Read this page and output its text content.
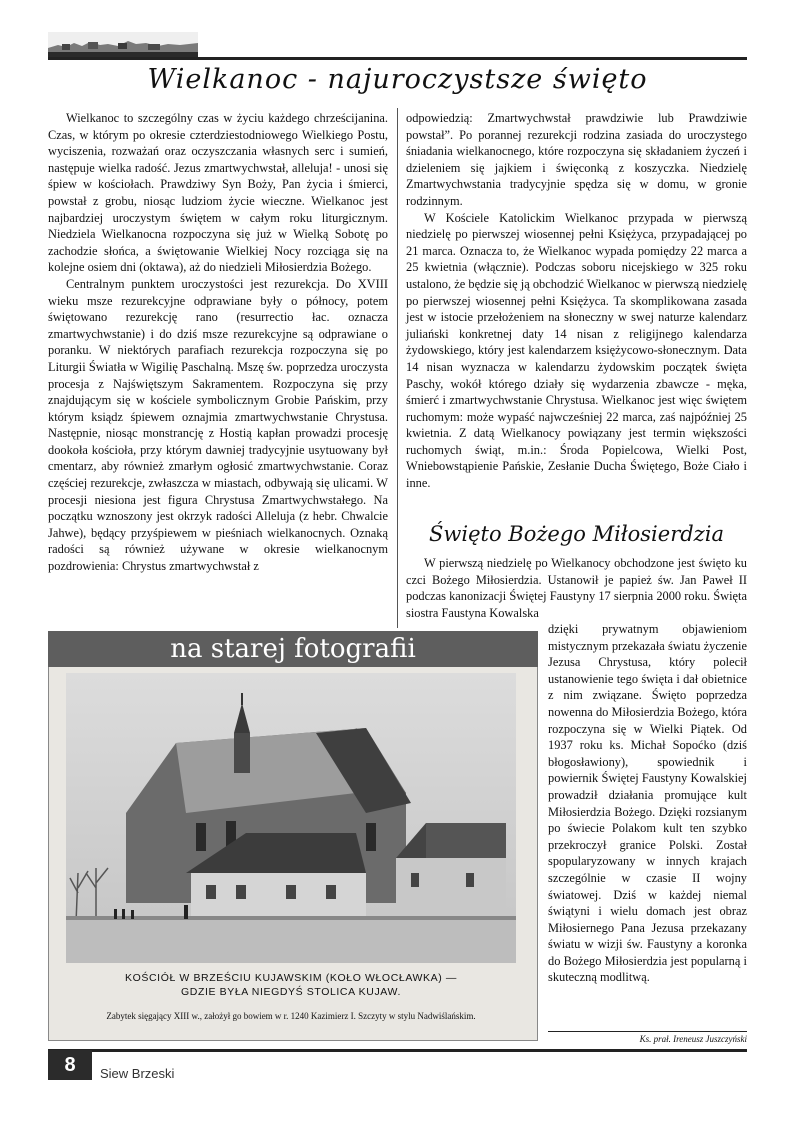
Wielkanoc - najuroczystsze święto

Wielkanoc to szczególny czas w życiu każdego chrześcijanina. Czas, w którym po okresie czterdziestodniowego Wielkiego Postu, wyciszenia, rozważań oraz oczyszczania własnych serc i sumień, następuje wielka radość. Jezus zmartwychwstał, alleluja! - unosi się śpiew w kościołach. Prawdziwy Syn Boży, Pan życia i śmierci, powstał z grobu, niosąc ludziom życie wieczne. Wielkanoc jest najbardziej uroczystym świętem w całym roku liturgicznym. Niedziela Wielkanocna rozpoczyna się już w Wielką Sobotę po zachodzie słońca, a świętowanie Wielkiej Nocy rozciąga się na kolejne osiem dni (oktawa), aż do niedzieli Miłosierdzia Bożego.

Centralnym punktem uroczystości jest rezurekcja. Do XVIII wieku msze rezurekcyjne odprawiane były o północy, potem świętowano rezurekcję rano (resurrectio łac. oznacza zmartwychwstanie) i do dziś msze rezurekcyjne są odprawiane o poranku. W niektórych parafiach rezurekcja rozpoczyna się po Liturgii Światła w Wigilię Paschalną. Mszę św. poprzedza uroczysta procesja z Najświętszym Sakramentem. Rozpoczyna się przy znajdującym się w kościele symbolicznym Grobie Pańskim, przy którym ksiądz śpiewem oznajmia zmartwychwstanie Chrystusa. Następnie, niosąc monstrancję z Hostią kapłan prowadzi procesję dookoła kościoła, przy którym dawniej tradycyjnie usytuowany był cmentarz, aby również zmarłym ogłosić zmartwychwstanie. Coraz częściej rezurekcje, zwłaszcza w miastach, odbywają się ulicami. W procesji niesiona jest figura Chrystusa Zmartwychwstałego. Na początku wznoszony jest okrzyk radości Alleluja (z hebr. Chwalcie Jahwe), będący przyśpiewem w pieśniach wielkanocnych. Oznaką radości są również używane w okresie wielkanocnym pozdrowienia: Chrystus zmartwychwstał z

odpowiedzią: Zmartwychwstał prawdziwie lub Prawdziwie powstał”. Po porannej rezurekcji rodzina zasiada do uroczystego śniadania wielkanocnego, które rozpoczyna się składaniem życzeń i dzieleniem się jajkiem i święconką z koszyczka. Niedzielę Zmartwychwstania tradycyjnie spędza się w domu, w gronie rodzinnym.

W Kościele Katolickim Wielkanoc przypada w pierwszą niedzielę po pierwszej wiosennej pełni Księżyca, przypadającej po 21 marca. Oznacza to, że Wielkanoc wypada pomiędzy 22 marca a 25 kwietnia (włącznie). Podczas soboru nicejskiego w 325 roku ustalono, że będzie się ją obchodzić Wielkanoc w pierwszą niedzielę po pierwszej wiosennej pełni Księżyca. Ta skomplikowana zasada jest w istocie przełożeniem na słoneczny w swej naturze kalendarz juliański konkretnej daty 14 nisan z religijnego kalendarza żydowskiego, który jest kalendarzem księżycowo-słonecznym. Data 14 nisan wyznacza w kalendarzu żydowskim początek święta Paschy, wokół którego działy się wydarzenia zbawcze - męka, śmierć i zmartwychwstanie Chrystusa. Wielkanoc jest więc świętem ruchomym: może wypaść najwcześniej 22 marca, zaś najpóźniej 25 kwietnia. Z datą Wielkanocy powiązany jest termin większości ruchomych świąt, m.in.: Środa Popielcowa, Wielki Post, Wniebowstąpienie Pańskie, Zesłanie Ducha Świętego, Boże Ciało i inne.

Święto Bożego Miłosierdzia

W pierwszą niedzielę po Wielkanocy obchodzone jest święto ku czci Bożego Miłosierdzia. Ustanowił je papież św. Jan Paweł II podczas kanonizacji Świętej Faustyny 17 sierpnia 2000 roku. Święta siostra Faustyna Kowalska

dzięki prywatnym objawieniom mistycznym przekazała światu życzenie Jezusa Chrystusa, który polecił ustanowienie tego święta i dał obietnice z nim związane. Święto poprzedza nowenna do Miłosierdzia Bożego, która rozpoczyna się w Wielki Piątek. Od 1937 roku ks. Michał Sopoćko (dziś błogosławiony), spowiednik i powiernik Świętej Faustyny Kowalskiej prowadził działania promujące kult Miłosierdzia Bożego. Dzięki rozsianym po świecie Polakom kult ten szybko przekroczył granice Polski. Został spopularyzowany w innych krajach szczególnie w czasie II wojny światowej. Dziś w każdej niemal świątyni i wielu domach jest obraz Miłosiernego Pana Jezusa przekazany światu w wizji św. Faustyny a koronka do Bożego Miłosierdzia jest popularną i skuteczną modlitwą.

Ks. prał. Ireneusz Juszczyński
na starej fotografii
KOŚCIÓŁ W BRZEŚCIU KUJAWSKIM (KOŁO WŁOCŁAWKA) —
GDZIE BYŁA NIEGDYŚ STOLICA KUJAW.
Zabytek sięgający XIII w., założył go bowiem w r. 1240 Kazimierz I. Szczyty w stylu Nadwiślańskim.
8	Siew Brzeski
